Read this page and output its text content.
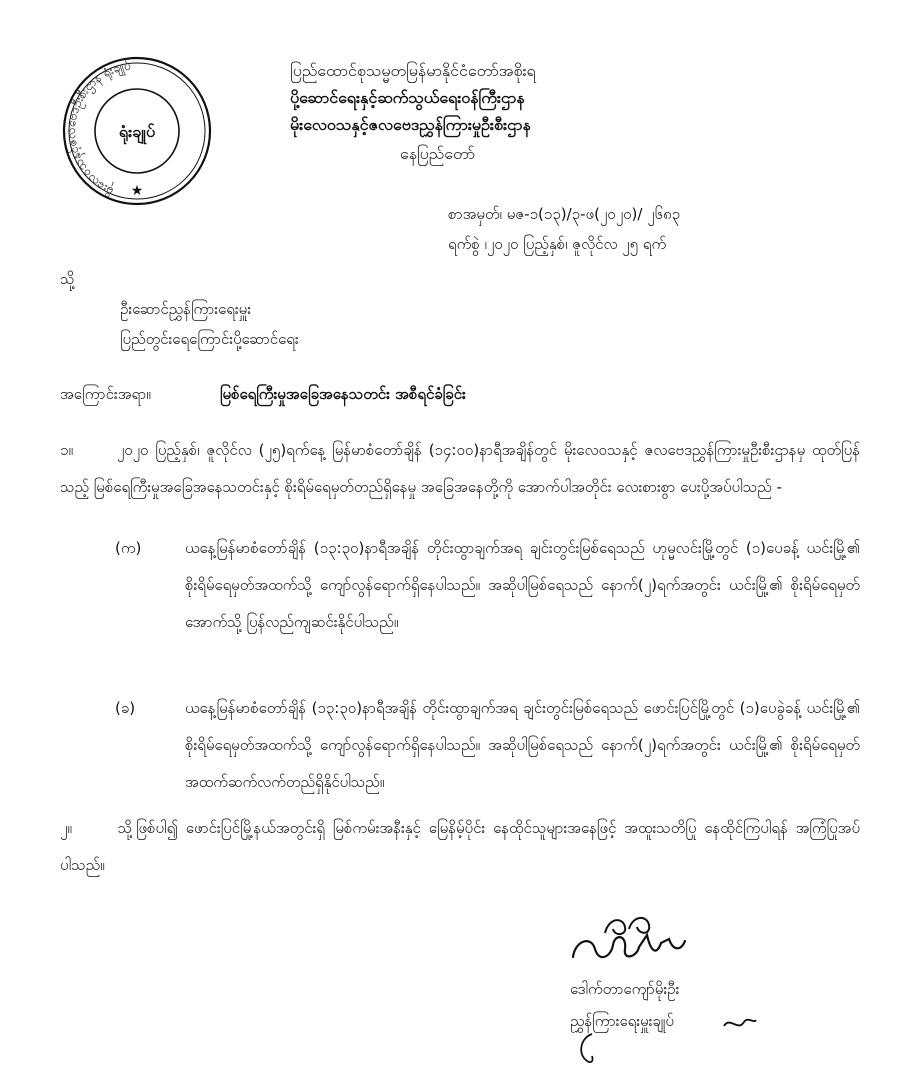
မိုးလေဝသနှင့်ဇလဗေဒဦးစီးဌာန ရုံးချုပ်
ရုံးချုပ်
★
ပြည်ထောင်စုသမ္မတမြန်မာနိုင်ငံတော်အစိုးရ
ပို့ဆောင်ရေးနှင့်ဆက်သွယ်ရေးဝန်ကြီးဌာန
မိုးလေဝသနှင့်ဇလဗေဒညွှန်ကြားမှုဦးစီးဌာန
နေပြည်တော်
စာအမှတ်၊ မဇ-၁(၁၃)/၃-ဖ(၂၀၂၀)/ ၂၆၈၃
ရက်စွဲ ၊၂၀၂၀ ပြည့်နှစ်၊ ဇူလိုင်လ ၂၅ ရက်
သို့
ဦးဆောင်ညွှန်ကြားရေးမှူး
ပြည်တွင်းရေကြောင်းပို့ဆောင်ရေး
အကြောင်းအရာ။	မြစ်ရေကြီးမှုအခြေအနေသတင်း အစီရင်ခံခြင်း
၁။	၂၀၂၀ ပြည့်နှစ်၊ ဇူလိုင်လ (၂၅)ရက်နေ့ မြန်မာစံတော်ချိန် (၁၄:၀၀)နာရီအချိန်တွင် မိုးလေဝသနှင့် ဇလဗေဒညွှန်ကြားမှုဦးစီးဌာနမှ ထုတ်ပြန်သည့် မြစ်ရေကြီးမှုအခြေအနေသတင်းနှင့် စိုးရိမ်ရေမှတ်တည်ရှိနေမှု အခြေအနေတို့ကို အောက်ပါအတိုင်း လေးစားစွာ ပေးပို့အပ်ပါသည် -
(က)	ယနေ့မြန်မာစံတော်ချိန် (၁၃:၃၀)နာရီအချိန် တိုင်းထွာချက်အရ ချင်းတွင်းမြစ်ရေသည် ဟုမ္မလင်းမြို့တွင် (၁)ပေခန့် ယင်းမြို့၏ စိုးရိမ်ရေမှတ်အထက်သို့ ကျော်လွန်ရောက်ရှိနေပါသည်။ အဆိုပါမြစ်ရေသည် နောက်(၂)ရက်အတွင်း ယင်းမြို့၏ စိုးရိမ်ရေမှတ်အောက်သို့ ပြန်လည်ကျဆင်းနိုင်ပါသည်။
(ခ)	ယနေ့မြန်မာစံတော်ချိန် (၁၃:၃၀)နာရီအချိန် တိုင်းထွာချက်အရ ချင်းတွင်းမြစ်ရေသည် ဖောင်းပြင်မြို့တွင် (၁)ပေခွဲခန့် ယင်းမြို့၏ စိုးရိမ်ရေမှတ်အထက်သို့ ကျော်လွန်ရောက်ရှိနေပါသည်။ အဆိုပါမြစ်ရေသည် နောက်(၂)ရက်အတွင်း ယင်းမြို့၏ စိုးရိမ်ရေမှတ်အထက်ဆက်လက်တည်ရှိနိုင်ပါသည်။
၂။	သို့ဖြစ်ပါ၍ ဖောင်းပြင်မြို့နယ်အတွင်းရှိ မြစ်ကမ်းအနီးနှင့် မြေနိမ့်ပိုင်း နေထိုင်သူများအနေဖြင့် အထူးသတိပြု နေထိုင်ကြပါရန် အကြံပြုအပ်ပါသည်။
ဒေါက်တာကျော်မိုးဦး
ညွှန်ကြားရေးမှူးချုပ်
